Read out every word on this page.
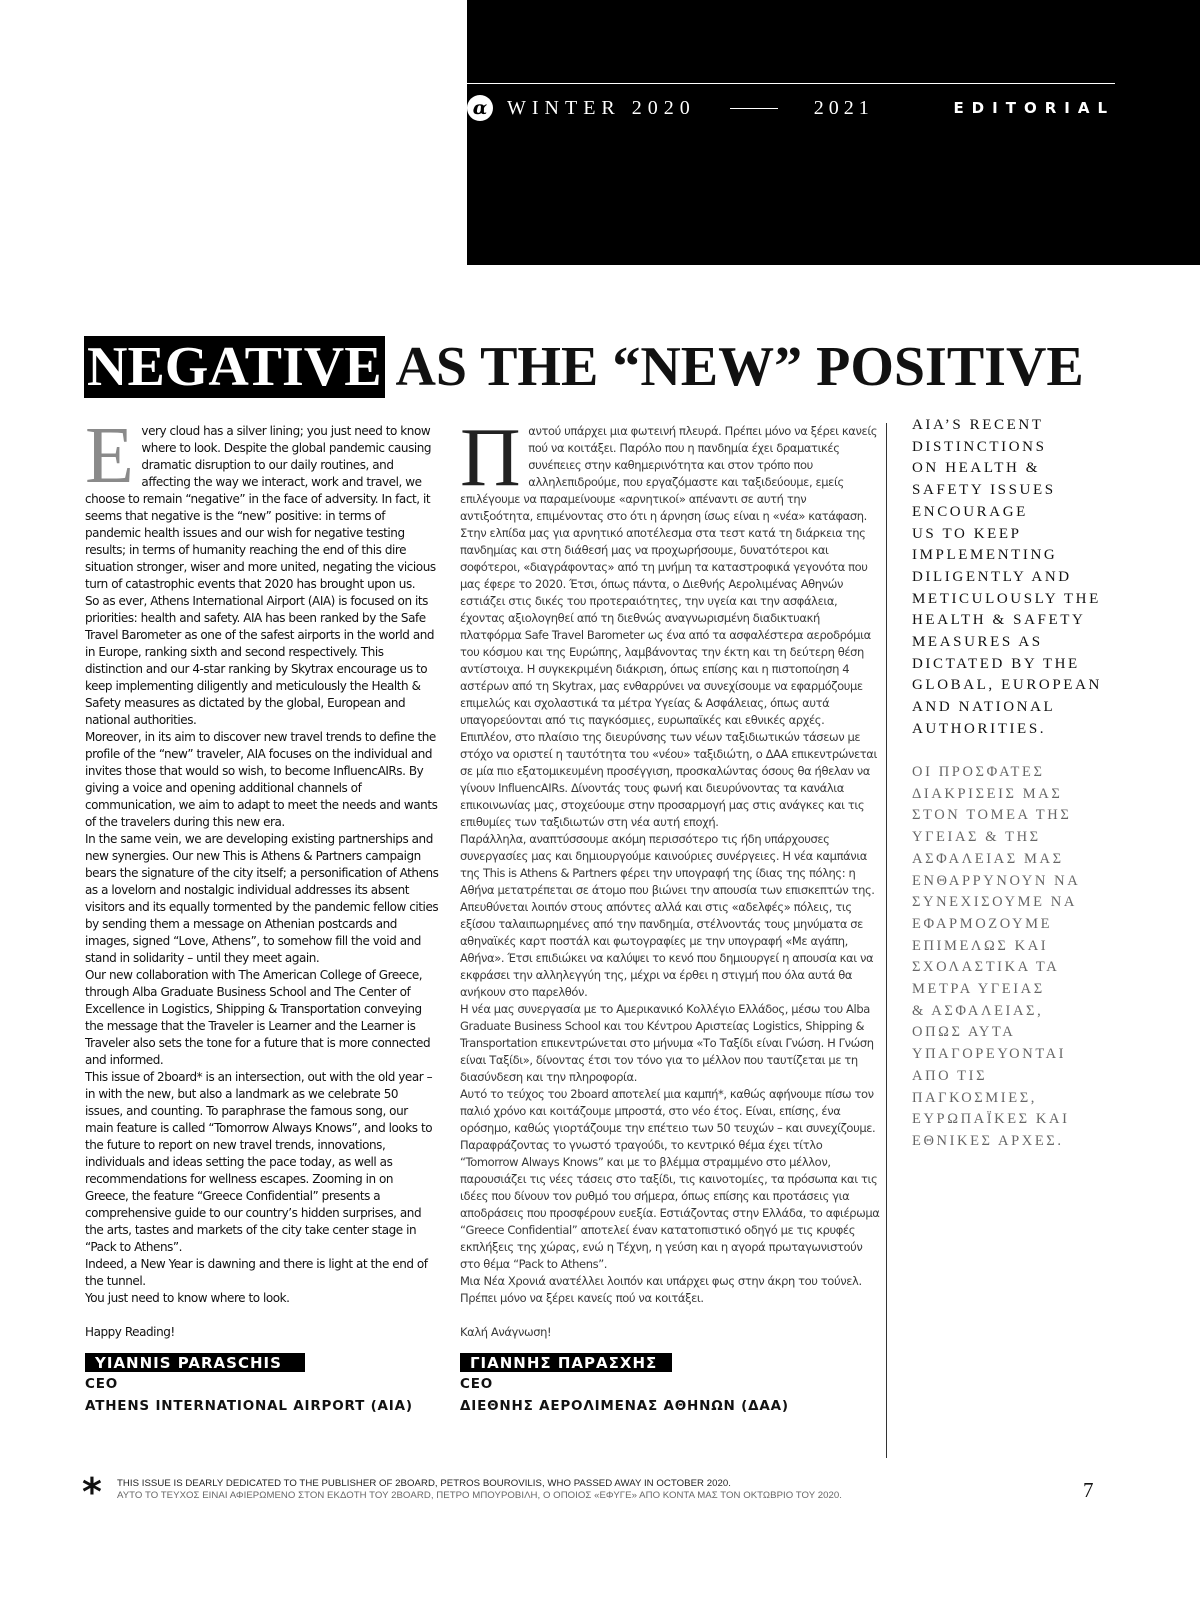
α WINTER 2020	2021	EDITORIAL
NEGATIVE AS THE “NEW” POSITIVE
E very cloud has a silver lining; you just need to know where to look. Despite the global pandemic causing dramatic disruption to our daily routines, and affecting the way we interact, work and travel, we choose to remain “negative” in the face of adversity. In fact, it seems that negative is the “new” positive: in terms of pandemic health issues and our wish for negative testing results; in terms of humanity reaching the end of this dire situation stronger, wiser and more united, negating the vicious turn of catastrophic events that 2020 has brought upon us.

So as ever, Athens International Airport (AIA) is focused on its priorities: health and safety. AIA has been ranked by the Safe Travel Barometer as one of the safest airports in the world and in Europe, ranking sixth and second respectively. This distinction and our 4-star ranking by Skytrax encourage us to keep implementing diligently and meticulously the Health & Safety measures as dictated by the global, European and national authorities.

Moreover, in its aim to discover new travel trends to define the profile of the “new” traveler, AIA focuses on the individual and invites those that would so wish, to become InfluencAIRs. By giving a voice and opening additional channels of communication, we aim to adapt to meet the needs and wants of the travelers during this new era.

In the same vein, we are developing existing partnerships and new synergies. Our new This is Athens & Partners campaign bears the signature of the city itself; a personification of Athens as a lovelorn and nostalgic individual addresses its absent visitors and its equally tormented by the pandemic fellow cities by sending them a message on Athenian postcards and images, signed “Love, Athens”, to somehow fill the void and stand in solidarity – until they meet again.

Our new collaboration with The American College of Greece, through Alba Graduate Business School and The Center of Excellence in Logistics, Shipping & Transportation conveying the message that the Traveler is Learner and the Learner is Traveler also sets the tone for a future that is more connected and informed.

This issue of 2board* is an intersection, out with the old year – in with the new, but also a landmark as we celebrate 50 issues, and counting. To paraphrase the famous song, our main feature is called “Tomorrow Always Knows”, and looks to the future to report on new travel trends, innovations, individuals and ideas setting the pace today, as well as recommendations for wellness escapes. Zooming in on Greece, the feature “Greece Confidential” presents a comprehensive guide to our country’s hidden surprises, and the arts, tastes and markets of the city take center stage in “Pack to Athens”.

Indeed, a New Year is dawning and there is light at the end of the tunnel.

You just need to know where to look.

Happy Reading!

YIANNIS PARASCHIS
CEO
ATHENS INTERNATIONAL AIRPORT (AIA)
Π αντού υπάρχει μια φωτεινή πλευρά. Πρέπει μόνο να ξέρει κανείς πού να κοιτάξει. Παρόλο που η πανδημία έχει δραματικές συνέπειες στην καθημερινότητα και στον τρόπο που αλληλεπιδρούμε, που εργαζόμαστε και ταξιδεύουμε, εμείς επιλέγουμε να παραμείνουμε «αρνητικοί» απέναντι σε αυτή την αντιξοότητα, επιμένοντας στο ότι η άρνηση ίσως είναι η «νέα» κατάφαση. Στην ελπίδα μας για αρνητικό αποτέλεσμα στα τεστ κατά τη διάρκεια της πανδημίας και στη διάθεσή μας να προχωρήσουμε, δυνατότεροι και σοφότεροι, «διαγράφοντας» από τη μνήμη τα καταστροφικά γεγονότα που μας έφερε το 2020. Έτσι, όπως πάντα, ο Διεθνής Αερολιμένας Αθηνών εστιάζει στις δικές του προτεραιότητες, την υγεία και την ασφάλεια, έχοντας αξιολογηθεί από τη διεθνώς αναγνωρισμένη διαδικτυακή πλατφόρμα Safe Travel Barometer ως ένα από τα ασφαλέστερα αεροδρόμια του κόσμου και της Ευρώπης, λαμβάνοντας την έκτη και τη δεύτερη θέση αντίστοιχα. Η συγκεκριμένη διάκριση, όπως επίσης και η πιστοποίηση 4 αστέρων από τη Skytrax, μας ενθαρρύνει να συνεχίσουμε να εφαρμόζουμε επιμελώς και σχολαστικά τα μέτρα Υγείας & Ασφάλειας, όπως αυτά υπαγορεύονται από τις παγκόσμιες, ευρωπαϊκές και εθνικές αρχές.

Επιπλέον, στο πλαίσιο της διευρύνσης των νέων ταξιδιωτικών τάσεων με στόχο να οριστεί η ταυτότητα του «νέου» ταξιδιώτη, ο ΔΑΑ επικεντρώνεται σε μία πιο εξατομικευμένη προσέγγιση, προσκαλώντας όσους θα ήθελαν να γίνουν InfluencAIRs. Δίνοντάς τους φωνή και διευρύνοντας τα κανάλια επικοινωνίας μας, στοχεύουμε στην προσαρμογή μας στις ανάγκες και τις επιθυμίες των ταξιδιωτών στη νέα αυτή εποχή.

Παράλληλα, αναπτύσσουμε ακόμη περισσότερο τις ήδη υπάρχουσες συνεργασίες μας και δημιουργούμε καινούριες συνέργειες. Η νέα καμπάνια της This is Athens & Partners φέρει την υπογραφή της ίδιας της πόλης: η Αθήνα μετατρέπεται σε άτομο που βιώνει την απουσία των επισκεπτών της. Απευθύνεται λοιπόν στους απόντες αλλά και στις «αδελφές» πόλεις, τις εξίσου ταλαιπωρημένες από την πανδημία, στέλνοντάς τους μηνύματα σε αθηναϊκές καρτ ποστάλ και φωτογραφίες με την υπογραφή «Με αγάπη, Αθήνα». Έτσι επιδιώκει να καλύψει το κενό που δημιουργεί η απουσία και να εκφράσει την αλληλεγγύη της, μέχρι να έρθει η στιγμή που όλα αυτά θα ανήκουν στο παρελθόν.

Η νέα μας συνεργασία με το Αμερικανικό Κολλέγιο Ελλάδος, μέσω του Alba Graduate Business School και του Κέντρου Αριστείας Logistics, Shipping & Transportation επικεντρώνεται στο μήνυμα «Το Ταξίδι είναι Γνώση. Η Γνώση είναι Ταξίδι», δίνοντας έτσι τον τόνο για το μέλλον που ταυτίζεται με τη διασύνδεση και την πληροφορία.

Αυτό το τεύχος του 2board αποτελεί μια καμπή*, καθώς αφήνουμε πίσω τον παλιό χρόνο και κοιτάζουμε μπροστά, στο νέο έτος. Είναι, επίσης, ένα ορόσημο, καθώς γιορτάζουμε την επέτειο των 50 τευχών – και συνεχίζουμε. Παραφράζοντας το γνωστό τραγούδι, το κεντρικό θέμα έχει τίτλο “Tomorrow Always Knows” και με το βλέμμα στραμμένο στο μέλλον, παρουσιάζει τις νέες τάσεις στο ταξίδι, τις καινοτομίες, τα πρόσωπα και τις ιδέες που δίνουν τον ρυθμό του σήμερα, όπως επίσης και προτάσεις για αποδράσεις που προσφέρουν ευεξία. Εστιάζοντας στην Ελλάδα, το αφιέρωμα “Greece Confidential” αποτελεί έναν κατατοπιστικό οδηγό με τις κρυφές εκπλήξεις της χώρας, ενώ η Τέχνη, η γεύση και η αγορά πρωταγωνιστούν στο θέμα “Pack to Athens”.

Μια Νέα Χρονιά ανατέλλει λοιπόν και υπάρχει φως στην άκρη του τούνελ. Πρέπει μόνο να ξέρει κανείς πού να κοιτάξει.

Καλή Ανάγνωση!

ΓΙΑΝΝΗΣ ΠΑΡΑΣΧΗΣ
CEO
ΔΙΕΘΝΗΣ ΑΕΡΟΛΙΜΕΝΑΣ ΑΘΗΝΩΝ (ΔΑΑ)
AIA’S RECENT
DISTINCTIONS
ON HEALTH &
SAFETY ISSUES
ENCOURAGE
US TO KEEP
IMPLEMENTING
DILIGENTLY AND
METICULOUSLY THE
HEALTH & SAFETY
MEASURES AS
DICTATED BY THE
GLOBAL, EUROPEAN
AND NATIONAL
AUTHORITIES.
ΟΙ ΠΡΟΣΦΑΤΕΣ
ΔΙΑΚΡΙΣΕΙΣ ΜΑΣ
ΣΤΟΝ ΤΟΜΕΑ ΤΗΣ
ΥΓΕΙΑΣ & ΤΗΣ
ΑΣΦΑΛΕΙΑΣ ΜΑΣ
ΕΝΘΑΡΡΥΝΟΥΝ ΝΑ
ΣΥΝΕΧΙΣΟΥΜΕ ΝΑ
ΕΦΑΡΜΟΖΟΥΜΕ
ΕΠΙΜΕΛΩΣ ΚΑΙ
ΣΧΟΛΑΣΤΙΚΑ ΤΑ
ΜΕΤΡΑ ΥΓΕΙΑΣ
& ΑΣΦΑΛΕΙΑΣ,
ΟΠΩΣ ΑΥΤΑ
ΥΠΑΓΟΡΕΥΟΝΤΑΙ
ΑΠΟ ΤΙΣ
ΠΑΓΚΟΣΜΙΕΣ,
ΕΥΡΩΠΑΪΚΕΣ ΚΑΙ
ΕΘΝΙΚΕΣ ΑΡΧΕΣ.
* THIS ISSUE IS DEARLY DEDICATED TO THE PUBLISHER OF 2BOARD, PETROS BOUROVILIS, WHO PASSED AWAY IN OCTOBER 2020.
ΑΥΤΟ ΤΟ ΤΕΥΧΟΣ ΕΙΝΑΙ ΑΦΙΕΡΩΜΕΝΟ ΣΤΟΝ ΕΚΔΟΤΗ ΤΟΥ 2BOARD, ΠΕΤΡΟ ΜΠΟΥΡΟΒΙΛΗ, Ο ΟΠΟΙΟΣ «ΕΦΥΓΕ» ΑΠΟ ΚΟΝΤΑ ΜΑΣ ΤΟΝ ΟΚΤΩΒΡΙΟ ΤΟΥ 2020.	7
